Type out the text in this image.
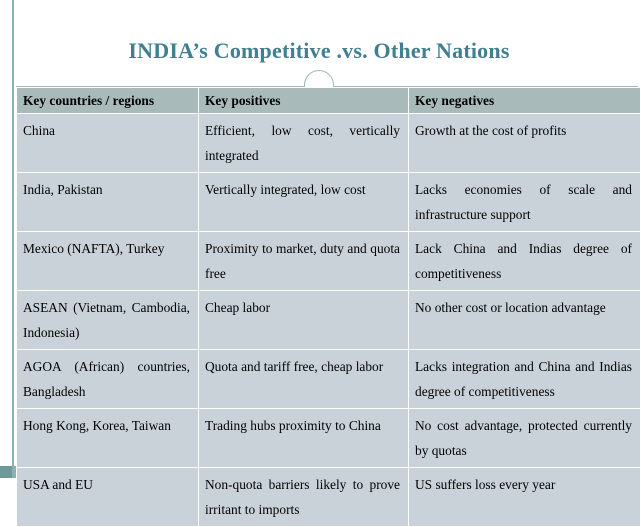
INDIA’s Competitive .vs. Other Nations
Key countries / regions	Key positives	Key negatives
China	Efficient, low cost, vertically integrated	Growth at the cost of profits
India, Pakistan	Vertically integrated, low cost	Lacks economies of scale and infrastructure support
Mexico (NAFTA), Turkey	Proximity to market, duty and quota free	Lack China and Indias degree of competitiveness
ASEAN (Vietnam, Cambodia, Indonesia)	Cheap labor	No other cost or location advantage
AGOA (African) countries, Bangladesh	Quota and tariff free, cheap labor	Lacks integration and China and Indias degree of competitiveness
Hong Kong, Korea, Taiwan	Trading hubs proximity to China	No cost advantage, protected currently by quotas
USA and EU	Non-quota barriers likely to prove irritant to imports	US suffers loss every year
